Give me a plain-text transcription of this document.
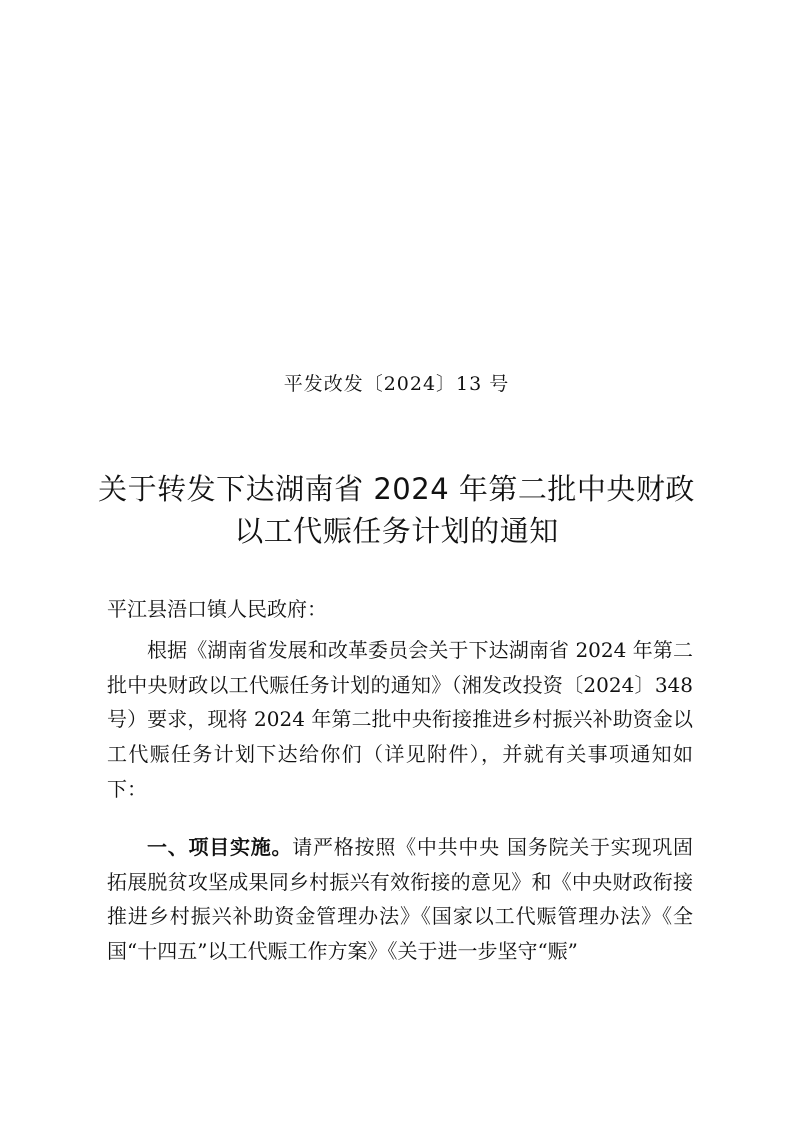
平发改发〔2024〕13 号
关于转发下达湖南省 2024 年第二批中央财政
以工代赈任务计划的通知
平江县浯口镇人民政府：
根据《湖南省发展和改革委员会关于下达湖南省 2024 年第二批中央财政以工代赈任务计划的通知》（湘发改投资〔2024〕348 号）要求，现将 2024 年第二批中央衔接推进乡村振兴补助资金以工代赈任务计划下达给你们（详见附件），并就有关事项通知如下：
一、项目实施。请严格按照《中共中央 国务院关于实现巩固拓展脱贫攻坚成果同乡村振兴有效衔接的意见》和《中央财政衔接推进乡村振兴补助资金管理办法》《国家以工代赈管理办法》《全国“十四五”以工代赈工作方案》《关于进一步坚守“赈”
